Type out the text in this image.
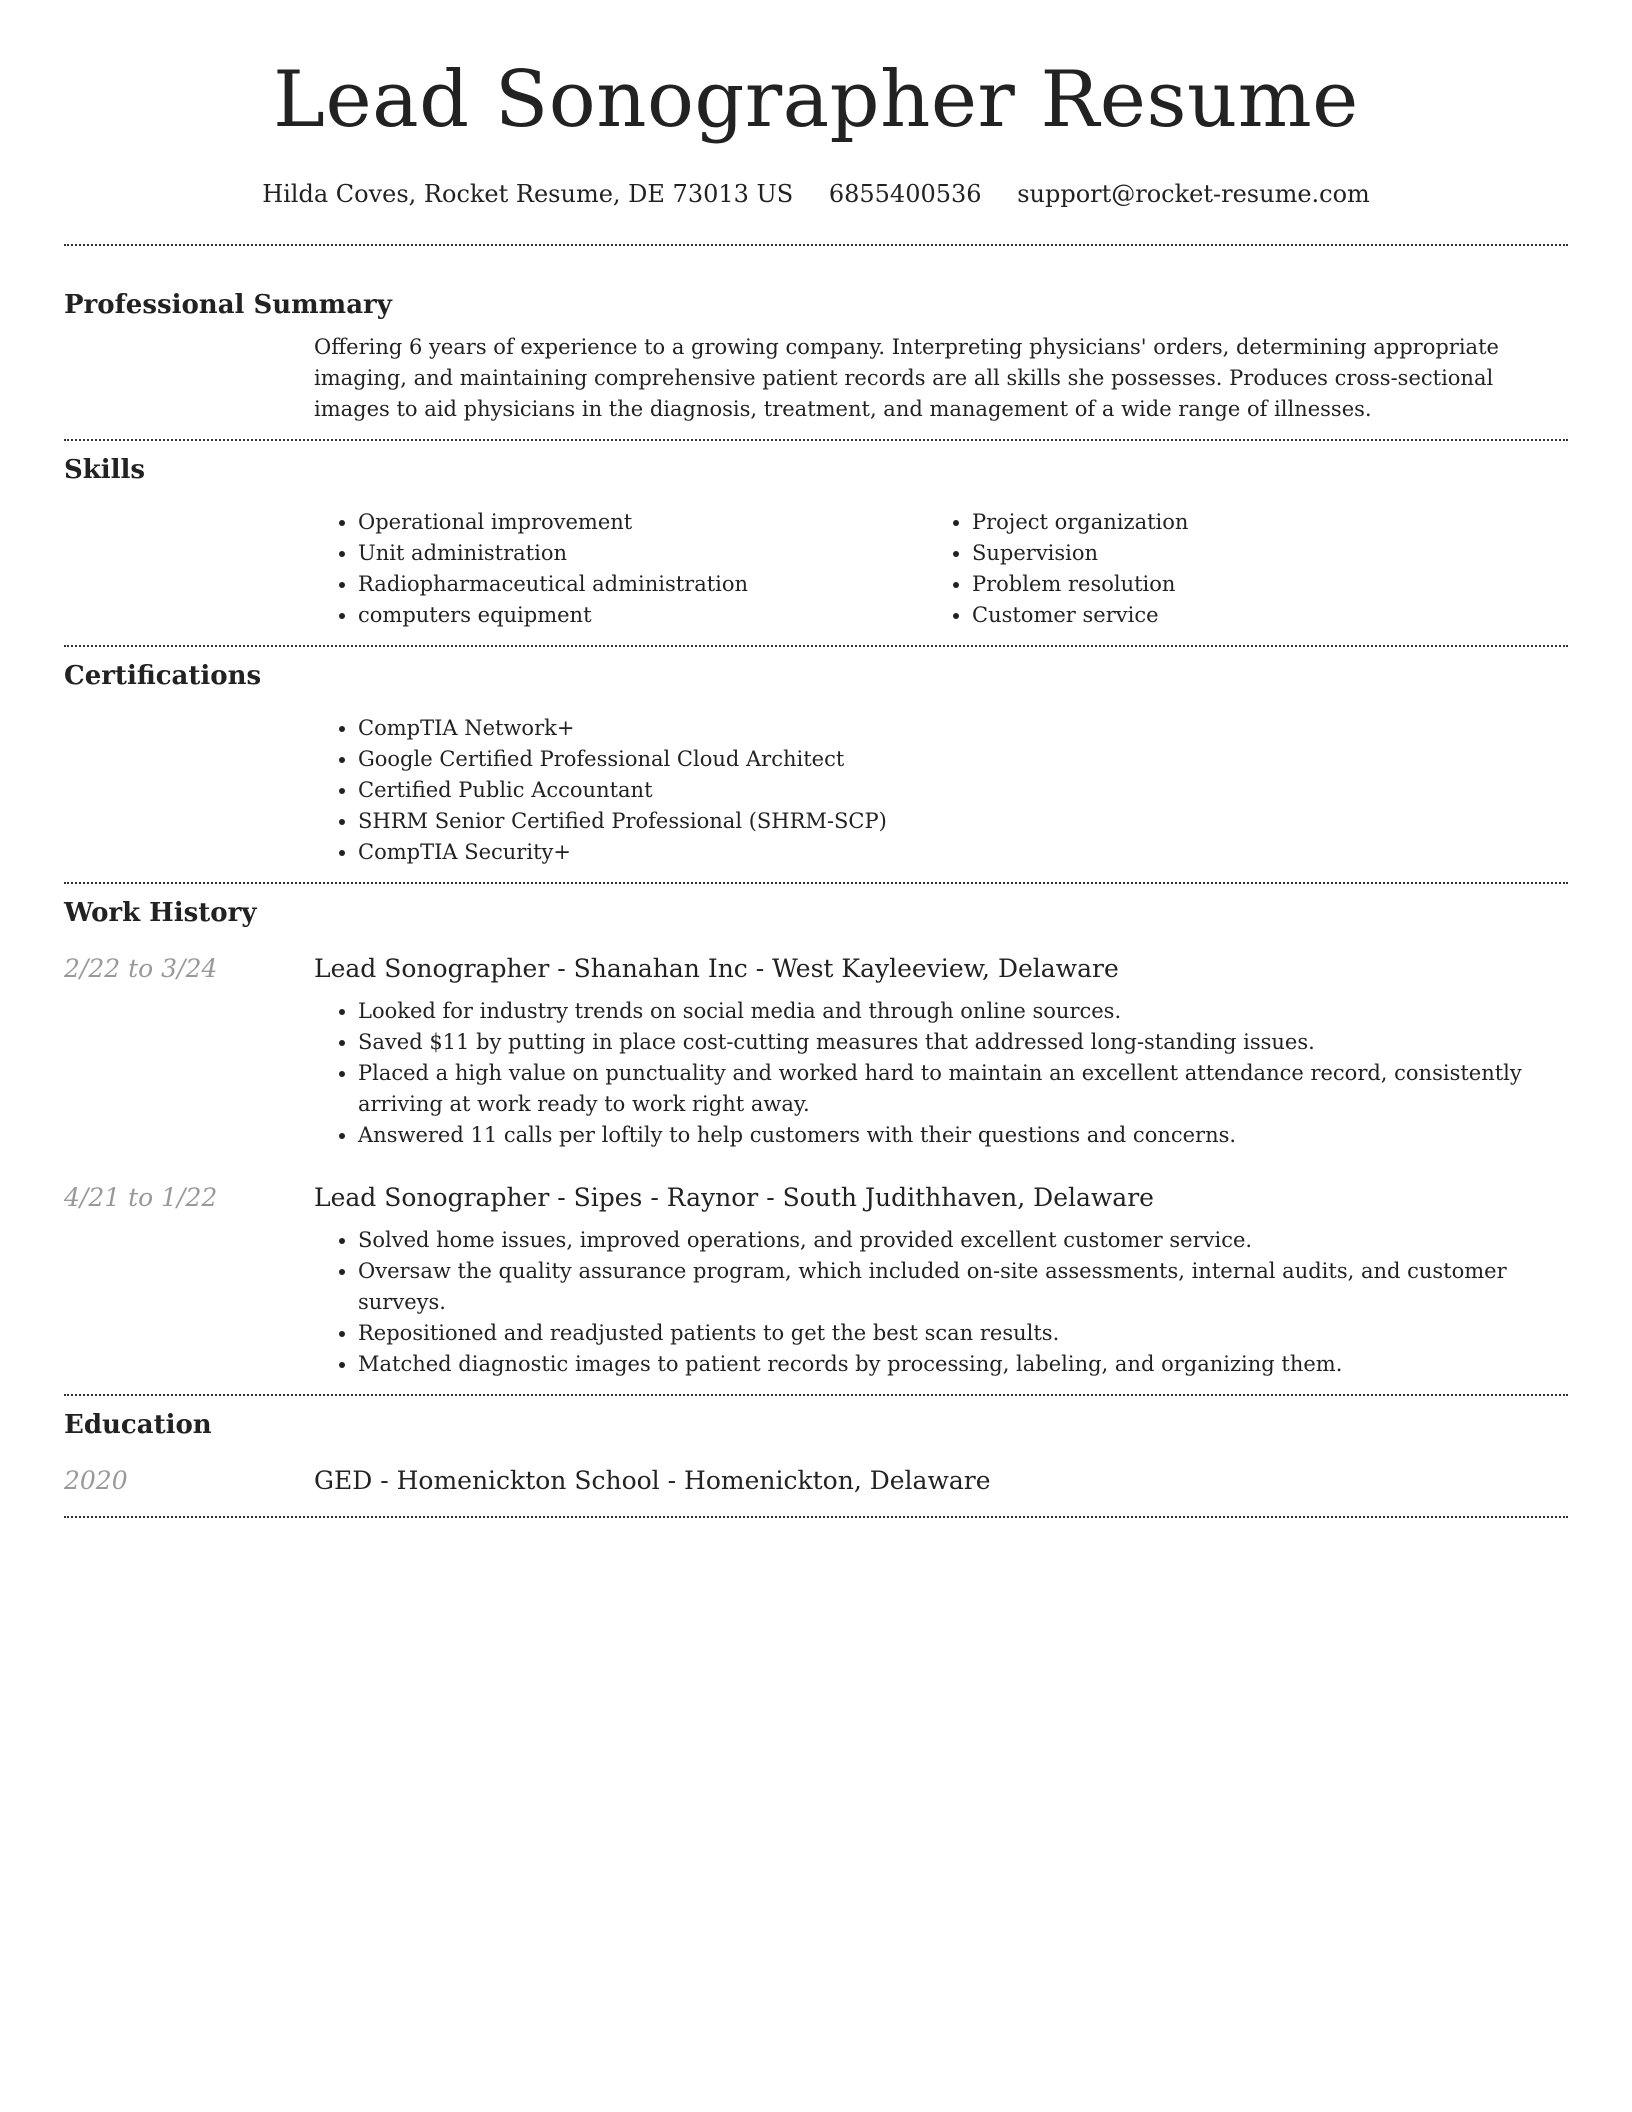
Lead Sonographer Resume
Hilda Coves, Rocket Resume, DE 73013 US 6855400536 support@rocket-resume.com
Professional Summary
Offering 6 years of experience to a growing company. Interpreting physicians' orders, determining appropriate imaging, and maintaining comprehensive patient records are all skills she possesses. Produces cross-sectional images to aid physicians in the diagnosis, treatment, and management of a wide range of illnesses.
Skills
• Operational improvement
• Unit administration
• Radiopharmaceutical administration
• computers equipment
• Project organization
• Supervision
• Problem resolution
• Customer service
Certifications
• CompTIA Network+
• Google Certified Professional Cloud Architect
• Certified Public Accountant
• SHRM Senior Certified Professional (SHRM-SCP)
• CompTIA Security+
Work History
2/22 to 3/24	Lead Sonographer - Shanahan Inc - West Kayleeview, Delaware
• Looked for industry trends on social media and through online sources.
• Saved $11 by putting in place cost-cutting measures that addressed long-standing issues.
• Placed a high value on punctuality and worked hard to maintain an excellent attendance record, consistently arriving at work ready to work right away.
• Answered 11 calls per loftily to help customers with their questions and concerns.
4/21 to 1/22	Lead Sonographer - Sipes - Raynor - South Judithhaven, Delaware
• Solved home issues, improved operations, and provided excellent customer service.
• Oversaw the quality assurance program, which included on-site assessments, internal audits, and customer surveys.
• Repositioned and readjusted patients to get the best scan results.
• Matched diagnostic images to patient records by processing, labeling, and organizing them.
Education
2020	GED - Homenickton School - Homenickton, Delaware
